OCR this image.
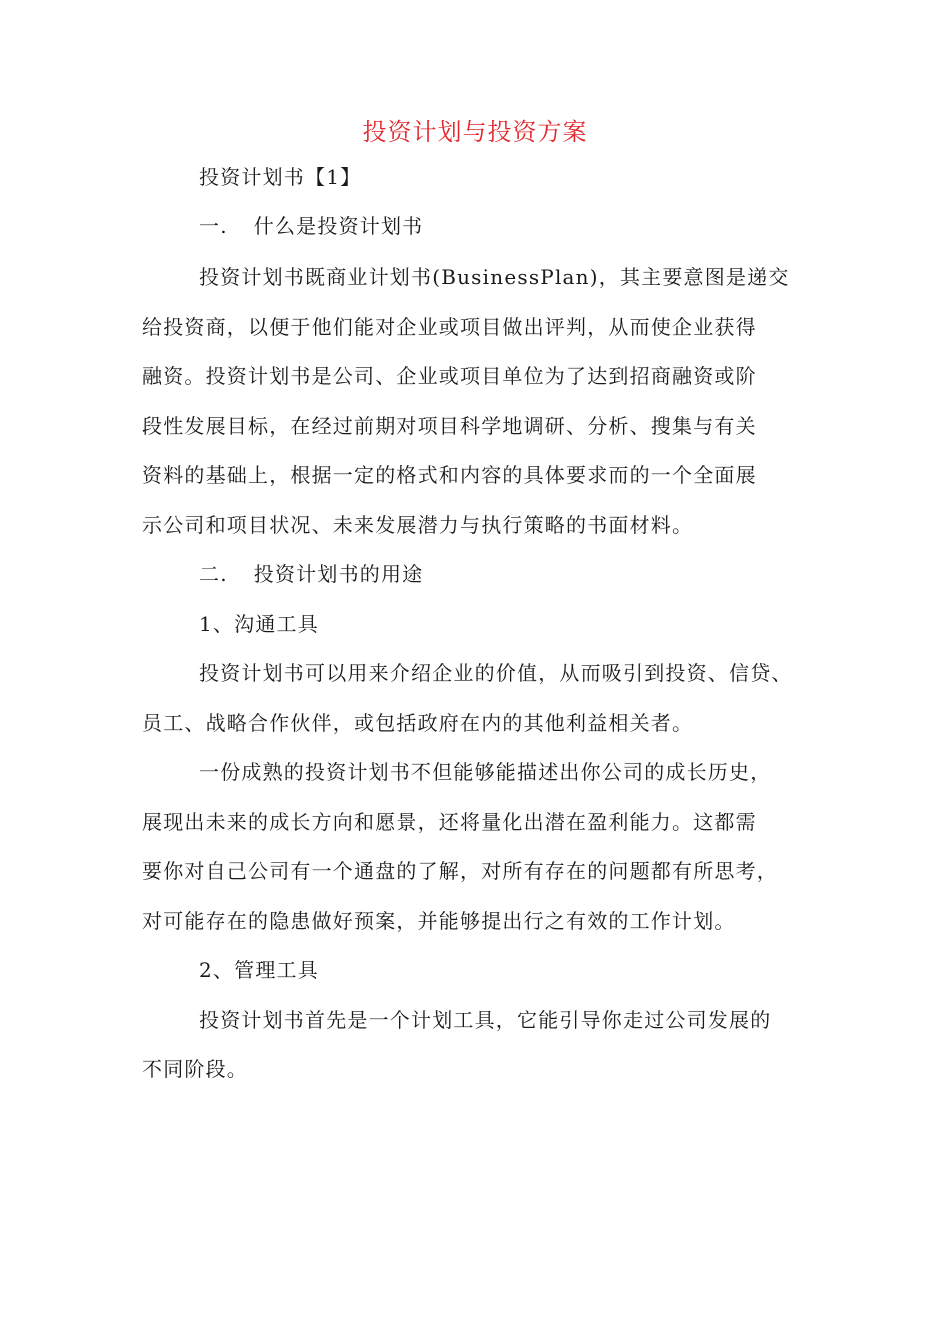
投资计划与投资方案
投资计划书【1】
一. 什么是投资计划书
投资计划书既商业计划书(BusinessPlan)，其主要意图是递交
给投资商，以便于他们能对企业或项目做出评判，从而使企业获得
融资。投资计划书是公司、企业或项目单位为了达到招商融资或阶
段性发展目标，在经过前期对项目科学地调研、分析、搜集与有关
资料的基础上，根据一定的格式和内容的具体要求而的一个全面展
示公司和项目状况、未来发展潜力与执行策略的书面材料。
二. 投资计划书的用途
1、沟通工具
投资计划书可以用来介绍企业的价值，从而吸引到投资、信贷、
员工、战略合作伙伴，或包括政府在内的其他利益相关者。
一份成熟的投资计划书不但能够能描述出你公司的成长历史，
展现出未来的成长方向和愿景，还将量化出潜在盈利能力。这都需
要你对自己公司有一个通盘的了解，对所有存在的问题都有所思考，
对可能存在的隐患做好预案，并能够提出行之有效的工作计划。
2、管理工具
投资计划书首先是一个计划工具，它能引导你走过公司发展的
不同阶段。
